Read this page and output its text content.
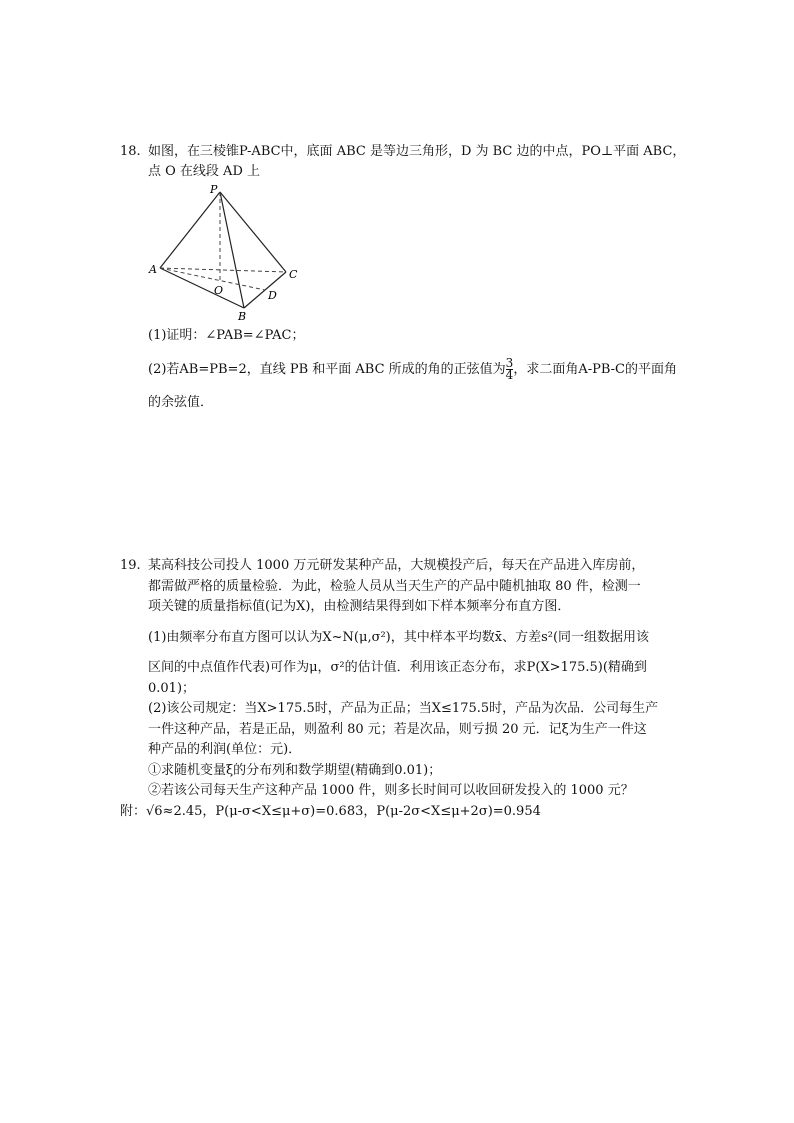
18. 如图，在三棱锥P-ABC中，底面 ABC 是等边三角形，D 为 BC 边的中点，PO⊥平面 ABC，
点 O 在线段 AD 上
P
A	C
O	D
B
(1)证明：∠PAB=∠PAC；
(2)若AB=PB=2，直线 PB 和平面 ABC 所成的角的正弦值为 $\frac{3}{4}$ ，求二面角A-PB-C的平面角
的余弦值．
19. 某高科技公司投人 1000 万元研发某种产品，大规模投产后，每天在产品进入库房前，
都需做严格的质量检验．为此，检验人员从当天生产的产品中随机抽取 80 件，检测一
项关键的质量指标值(记为X)，由检测结果得到如下样本频率分布直方图．
(1)由频率分布直方图可以认为X~N(μ,σ²)，其中样本平均数x̄、方差s²(同一组数据用该
区间的中点值作代表)可作为μ，σ²的估计值．利用该正态分布，求P(X>175.5)(精确到
0.01)；
(2)该公司规定：当X>175.5时，产品为正品；当X≤175.5时，产品为次品．公司每生产
一件这种产品，若是正品，则盈利 80 元；若是次品，则亏损 20 元．记ξ为生产一件这
种产品的利润(单位：元)．
①求随机变量ξ的分布列和数学期望(精确到0.01)；
②若该公司每天生产这种产品 1000 件，则多长时间可以收回研发投入的 1000 元？
附：√6≈2.45，P(μ-σ<X≤μ+σ)=0.683，P(μ-2σ<X≤μ+2σ)=0.954
